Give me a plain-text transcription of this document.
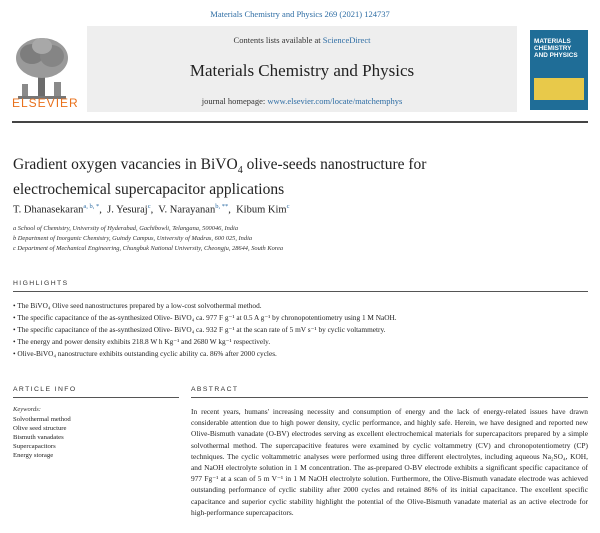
Materials Chemistry and Physics 269 (2021) 124737
ELSEVIER
Contents lists available at ScienceDirect
Materials Chemistry and Physics
journal homepage: www.elsevier.com/locate/matchemphys
MATERIALS CHEMISTRY AND PHYSICS
Gradient oxygen vacancies in BiVO$_4$ olive-seeds nanostructure for
electrochemical supercapacitor applications
T. Dhanasekaran$^{a, b, *}$,  J. Yesuraj$^c$,  V. Narayanan$^{b, **}$,  Kibum Kim$^c$
a School of Chemistry, University of Hyderabad, Gachibowli, Telangana, 500046, India
b Department of Inorganic Chemistry, Guindy Campus, University of Madras, 600 025, India
c Department of Mechanical Engineering, Chungbuk National University, Cheongju, 28644, South Korea
HIGHLIGHTS
• The BiVO₄ Olive seed nanostructures prepared by a low-cost solvothermal method.
• The specific capacitance of the as-synthesized Olive- BiVO₄ ca. 977 F g⁻¹ at 0.5 A g⁻¹ by chronopotentiometry using 1 M NaOH.
• The specific capacitance of the as-synthesized Olive- BiVO₄ ca. 932 F g⁻¹ at the scan rate of 5 mV s⁻¹ by cyclic voltammetry.
• The energy and power density exhibits 218.8 W h Kg⁻¹ and 2680 W kg⁻¹ respectively.
• Olive-BiVO₄ nanostructure exhibits outstanding cyclic ability ca. 86% after 2000 cycles.
ARTICLE INFO
Keywords:
Solvothermal method
Olive seed structure
Bismuth vanadates
Supercapacitors
Energy storage
ABSTRACT
In recent years, humans' increasing necessity and consumption of energy and the lack of energy-related issues have drawn considerable attention due to high power density, cyclic performance, and highly safe. Herein, we have designed and reported new Olive-Bismuth vanadate (O-BV) electrodes serving as excellent electrochemical materials for supercapacitors prepared by a simple solvothermal method. The supercapacitive features were examined by cyclic voltammetry (CV) and chronopotentiometry (CP) techniques. The cyclic voltammetric analyses were performed using three different electrolytes, including aqueous Na₂SO₄, KOH, and NaOH electrolyte solution in 1 M concentration. The as-prepared O-BV electrode exhibits a significant specific capacitance of 977 Fg⁻¹ at a scan of 5 m V⁻¹ in 1 M NaOH electrolyte solution. Furthermore, the Olive-Bismuth vanadate electrode was achieved outstanding performance of cyclic stability after 2000 cycles and retained 86% of its initial capacitance. The excellent specific capacitance and superior cyclic stability highlight the potential of the Olive-Bismuth vanadate material as an active electrode for high-performance supercapacitors.
